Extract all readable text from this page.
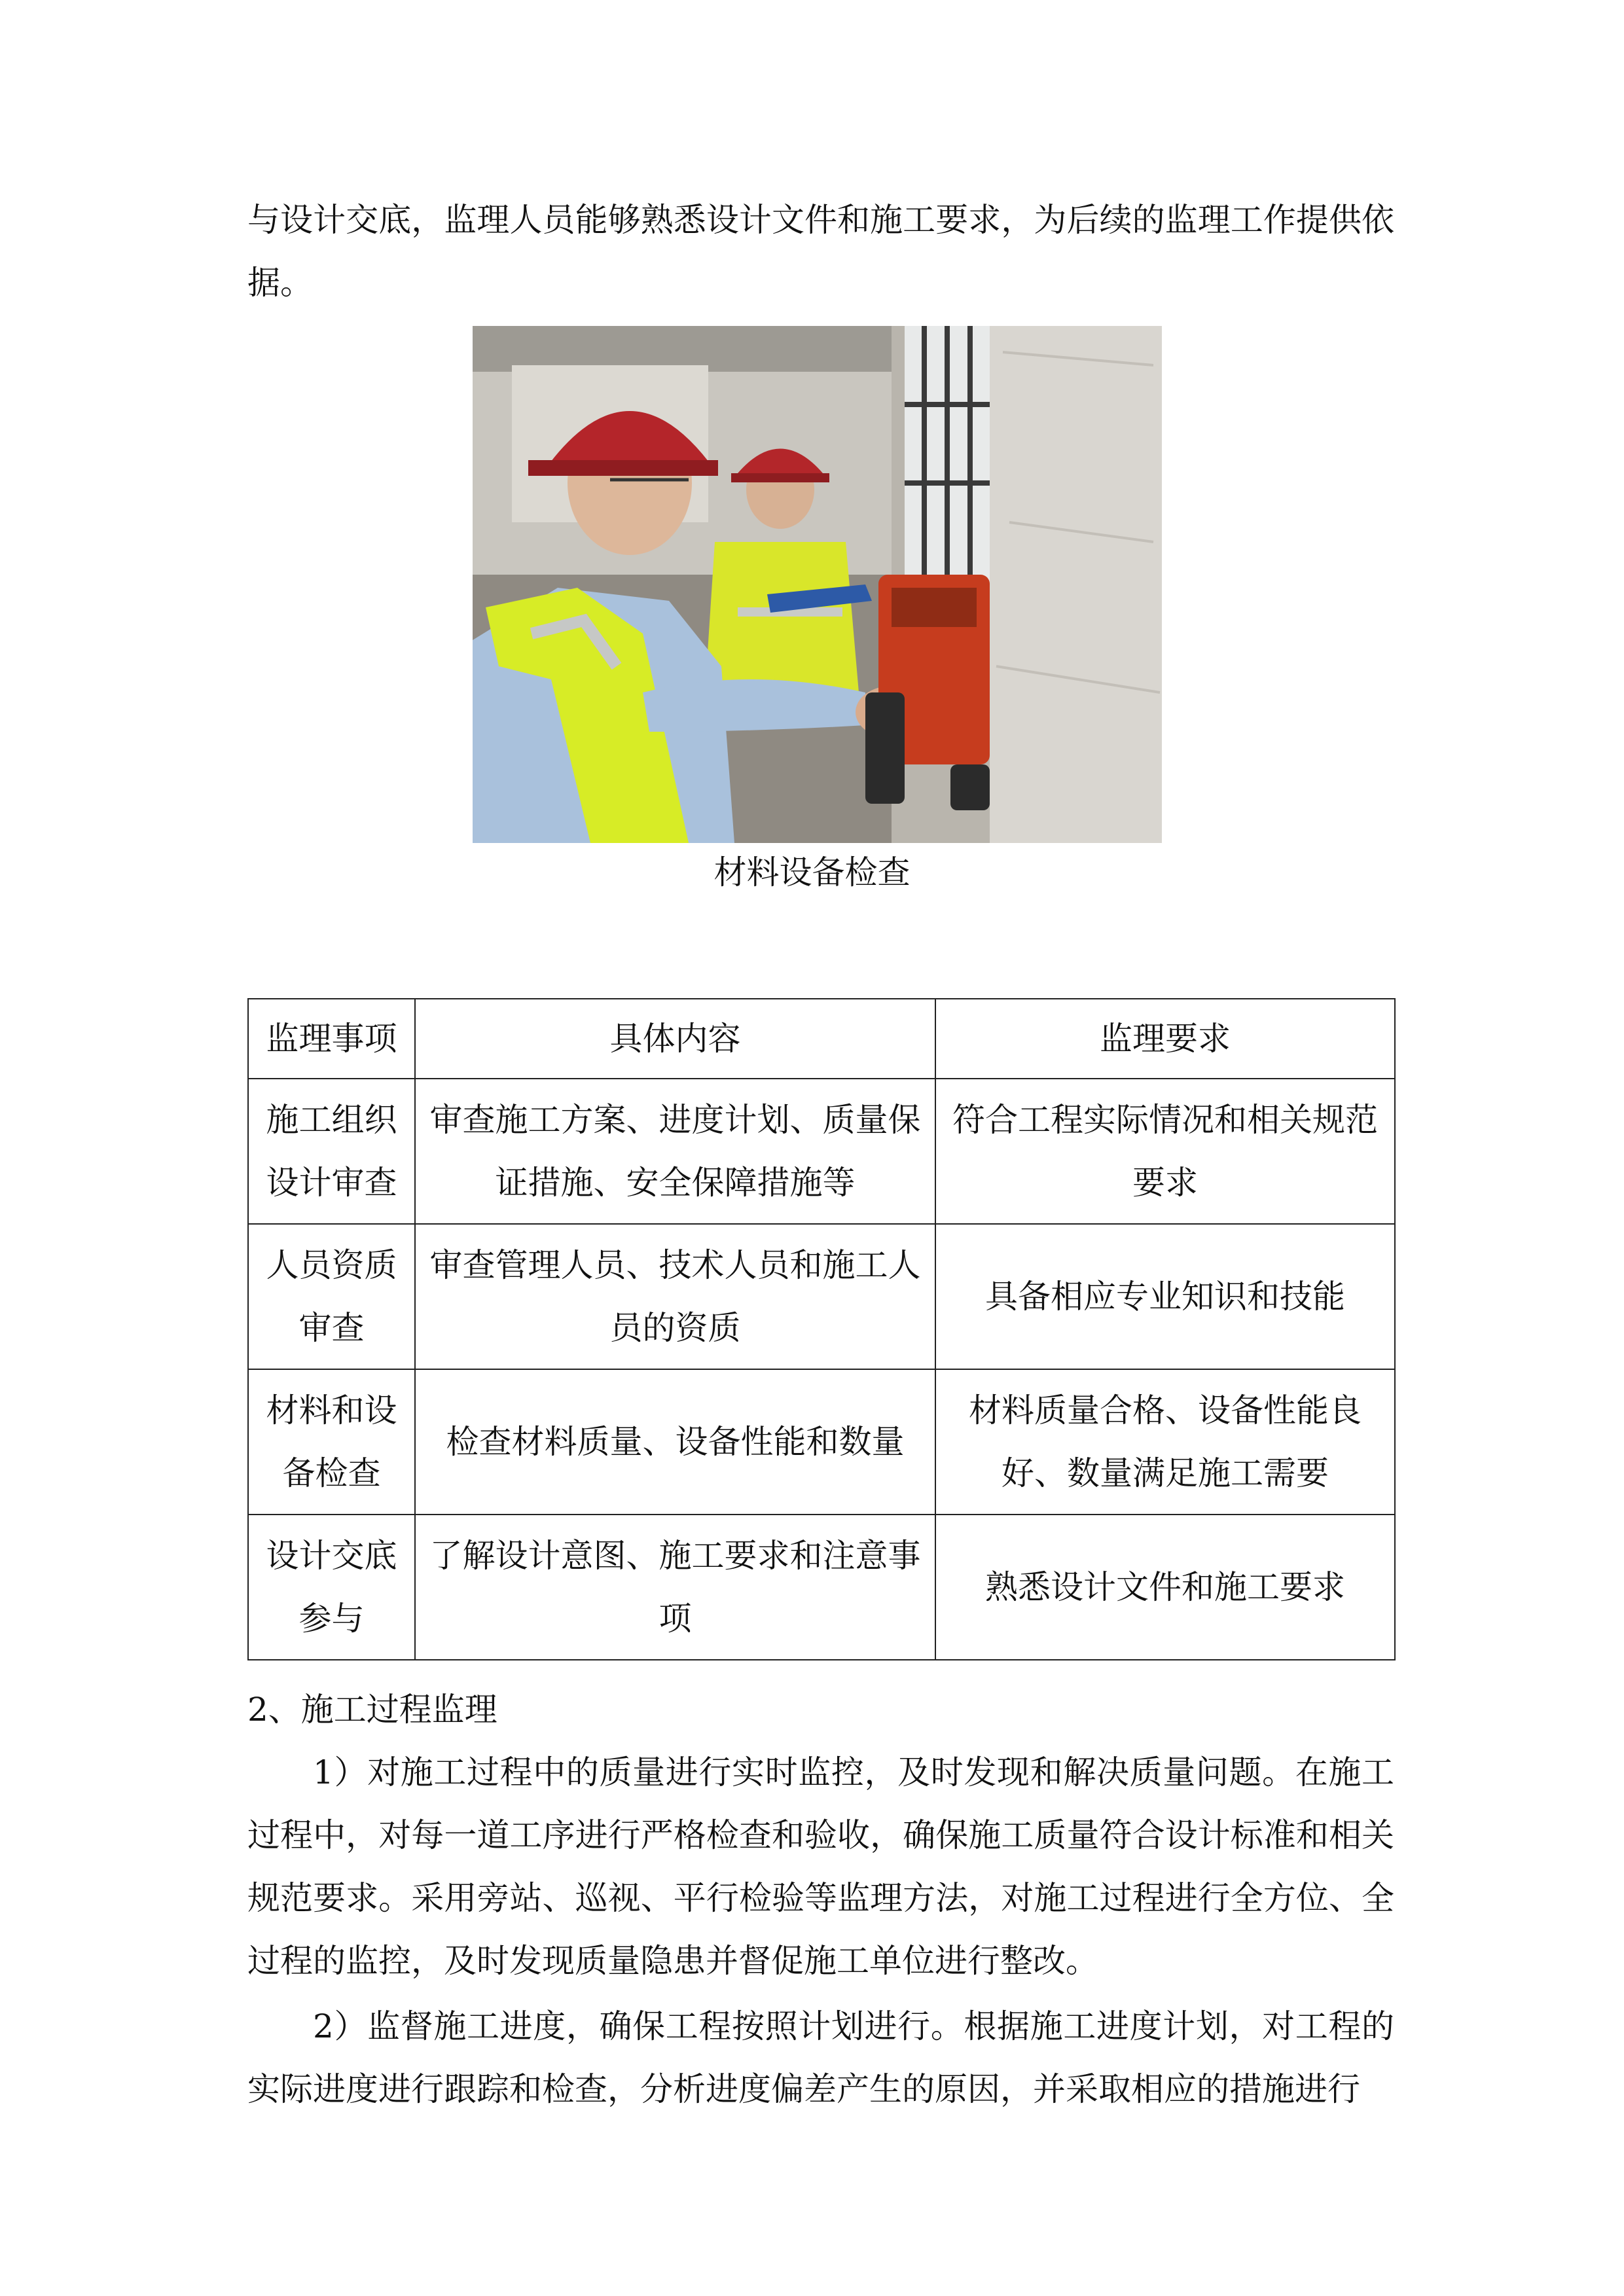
与设计交底，监理人员能够熟悉设计文件和施工要求，为后续的监理工作提供依据。

材料设备检查
监理事项	具体内容	监理要求
施工组织设计审查	审查施工方案、进度计划、质量保证措施、安全保障措施等	符合工程实际情况和相关规范要求
人员资质审查	审查管理人员、技术人员和施工人员的资质	具备相应专业知识和技能
材料和设备检查	检查材料质量、设备性能和数量	材料质量合格、设备性能良好、数量满足施工需要
设计交底参与	了解设计意图、施工要求和注意事项	熟悉设计文件和施工要求

2、施工过程监理

1）对施工过程中的质量进行实时监控，及时发现和解决质量问题。在施工过程中，对每一道工序进行严格检查和验收，确保施工质量符合设计标准和相关规范要求。采用旁站、巡视、平行检验等监理方法，对施工过程进行全方位、全过程的监控，及时发现质量隐患并督促施工单位进行整改。

2）监督施工进度，确保工程按照计划进行。根据施工进度计划，对工程的实际进度进行跟踪和检查，分析进度偏差产生的原因，并采取相应的措施进行
